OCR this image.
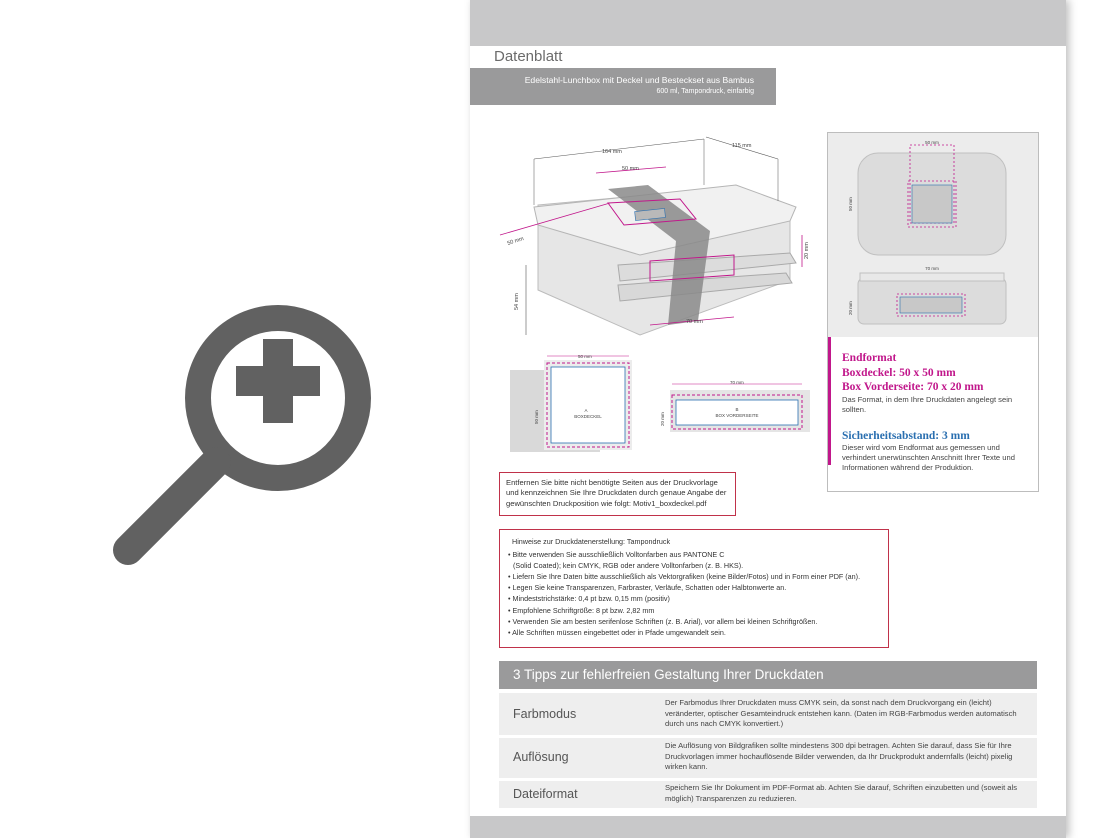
Datenblatt
Edelstahl-Lunchbox mit Deckel und Besteckset aus Bambus
600 ml, Tampondruck, einfarbig
164 mm
115 mm
54 mm
50 mm
50 mm
70 mm
20 mm
50 mm
50 mm	A
BOXDECKEL
70 mm
20 mm
B
BOX VORDERSEITE
50 mm
50 mm
70 mm
20 mm
Endformat
Boxdeckel: 50 x 50 mm
Box Vorderseite: 70 x 20 mm
Das Format, in dem Ihre Druckdaten angelegt sein sollten.
Sicherheitsabstand: 3 mm
Dieser wird vom Endformat aus gemessen und verhindert unerwünschten Anschnitt Ihrer Texte und Informationen während der Produktion.
Entfernen Sie bitte nicht benötigte Seiten aus der Druckvorlage und kennzeichnen Sie Ihre Druckdaten durch genaue Angabe der gewünschten Druckposition wie folgt: Motiv1_boxdeckel.pdf
Hinweise zur Druckdatenerstellung: Tampondruck
• Bitte verwenden Sie ausschließlich Volltonfarben aus PANTONE C
(Solid Coated); kein CMYK, RGB oder andere Volltonfarben (z. B. HKS).
• Liefern Sie Ihre Daten bitte ausschließlich als Vektorgrafiken (keine Bilder/Fotos) und in Form einer PDF (an).
• Legen Sie keine Transparenzen, Farbraster, Verläufe, Schatten oder Halbtonwerte an.
• Mindeststrichstärke: 0,4 pt bzw. 0,15 mm (positiv)
• Empfohlene Schriftgröße: 8 pt bzw. 2,82 mm
• Verwenden Sie am besten serifenlose Schriften (z. B. Arial), vor allem bei kleinen Schriftgrößen.
• Alle Schriften müssen eingebettet oder in Pfade umgewandelt sein.
3 Tipps zur fehlerfreien Gestaltung Ihrer Druckdaten
Farbmodus
Der Farbmodus Ihrer Druckdaten muss CMYK sein, da sonst nach dem Druckvorgang ein (leicht) veränderter, optischer Gesamteindruck entstehen kann. (Daten im RGB-Farbmodus werden automatisch durch uns nach CMYK konvertiert.)
Auflösung
Die Auflösung von Bildgrafiken sollte mindestens 300 dpi betragen. Achten Sie darauf, dass Sie für Ihre Druckvorlagen immer hochauflösende Bilder verwenden, da Ihr Druckprodukt andernfalls (leicht) pixelig wirken kann.
Dateiformat	Speichern Sie Ihr Dokument im PDF-Format ab. Achten Sie darauf, Schriften einzubetten und (soweit als möglich) Transparenzen zu reduzieren.
